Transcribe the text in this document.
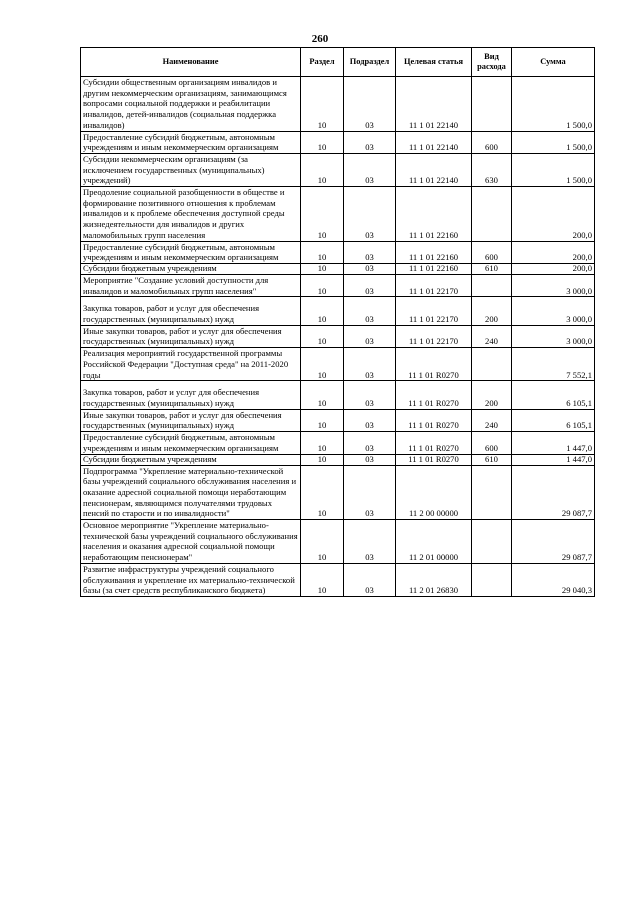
260
Наименование	Раздел	Подраздел	Целевая статья	Вид расхода	Сумма
Субсидии общественным организациям инвалидов и другим некоммерческим организациям, занимающимся вопросами социальной поддержки и реабилитации инвалидов, детей-инвалидов (социальная поддержка инвалидов)	10	03	11 1 01 22140		1 500,0
Предоставление субсидий бюджетным, автономным учреждениям и иным некоммерческим организациям	10	03	11 1 01 22140	600	1 500,0
Субсидии некоммерческим организациям (за исключением государственных (муниципальных) учреждений)	10	03	11 1 01 22140	630	1 500,0
Преодоление социальной разобщенности в обществе и формирование позитивного отношения к проблемам инвалидов и к проблеме обеспечения доступной среды жизнедеятельности для инвалидов и других маломобильных групп населения	10	03	11 1 01 22160		200,0
Предоставление субсидий бюджетным, автономным учреждениям и иным некоммерческим организациям	10	03	11 1 01 22160	600	200,0
Субсидии бюджетным учреждениям	10	03	11 1 01 22160	610	200,0
Мероприятие "Создание условий доступности для инвалидов и маломобильных групп населения"	10	03	11 1 01 22170		3 000,0
Закупка товаров, работ и услуг для обеспечения государственных (муниципальных) нужд	10	03	11 1 01 22170	200	3 000,0
Иные закупки товаров, работ и услуг для обеспечения государственных (муниципальных) нужд	10	03	11 1 01 22170	240	3 000,0
Реализация мероприятий государственной программы Российской Федерации "Доступная среда" на 2011-2020 годы	10	03	11 1 01 R0270		7 552,1
Закупка товаров, работ и услуг для обеспечения государственных (муниципальных) нужд	10	03	11 1 01 R0270	200	6 105,1
Иные закупки товаров, работ и услуг для обеспечения государственных (муниципальных) нужд	10	03	11 1 01 R0270	240	6 105,1
Предоставление субсидий бюджетным, автономным учреждениям и иным некоммерческим организациям	10	03	11 1 01 R0270	600	1 447,0
Субсидии бюджетным учреждениям	10	03	11 1 01 R0270	610	1 447,0
Подпрограмма "Укрепление материально-технической базы учреждений социального обслуживания населения и оказание адресной социальной помощи неработающим пенсионерам, являющимся получателями трудовых пенсий по старости и по инвалидности"	10	03	11 2 00 00000		29 087,7
Основное мероприятие "Укрепление материально-технической базы учреждений социального обслуживания населения и оказания адресной социальной помощи неработающим пенсионерам"	10	03	11 2 01 00000		29 087,7
Развитие инфраструктуры учреждений социального обслуживания и укрепление их материально-технической базы (за счет средств республиканского бюджета)	10	03	11 2 01 26830		29 040,3
